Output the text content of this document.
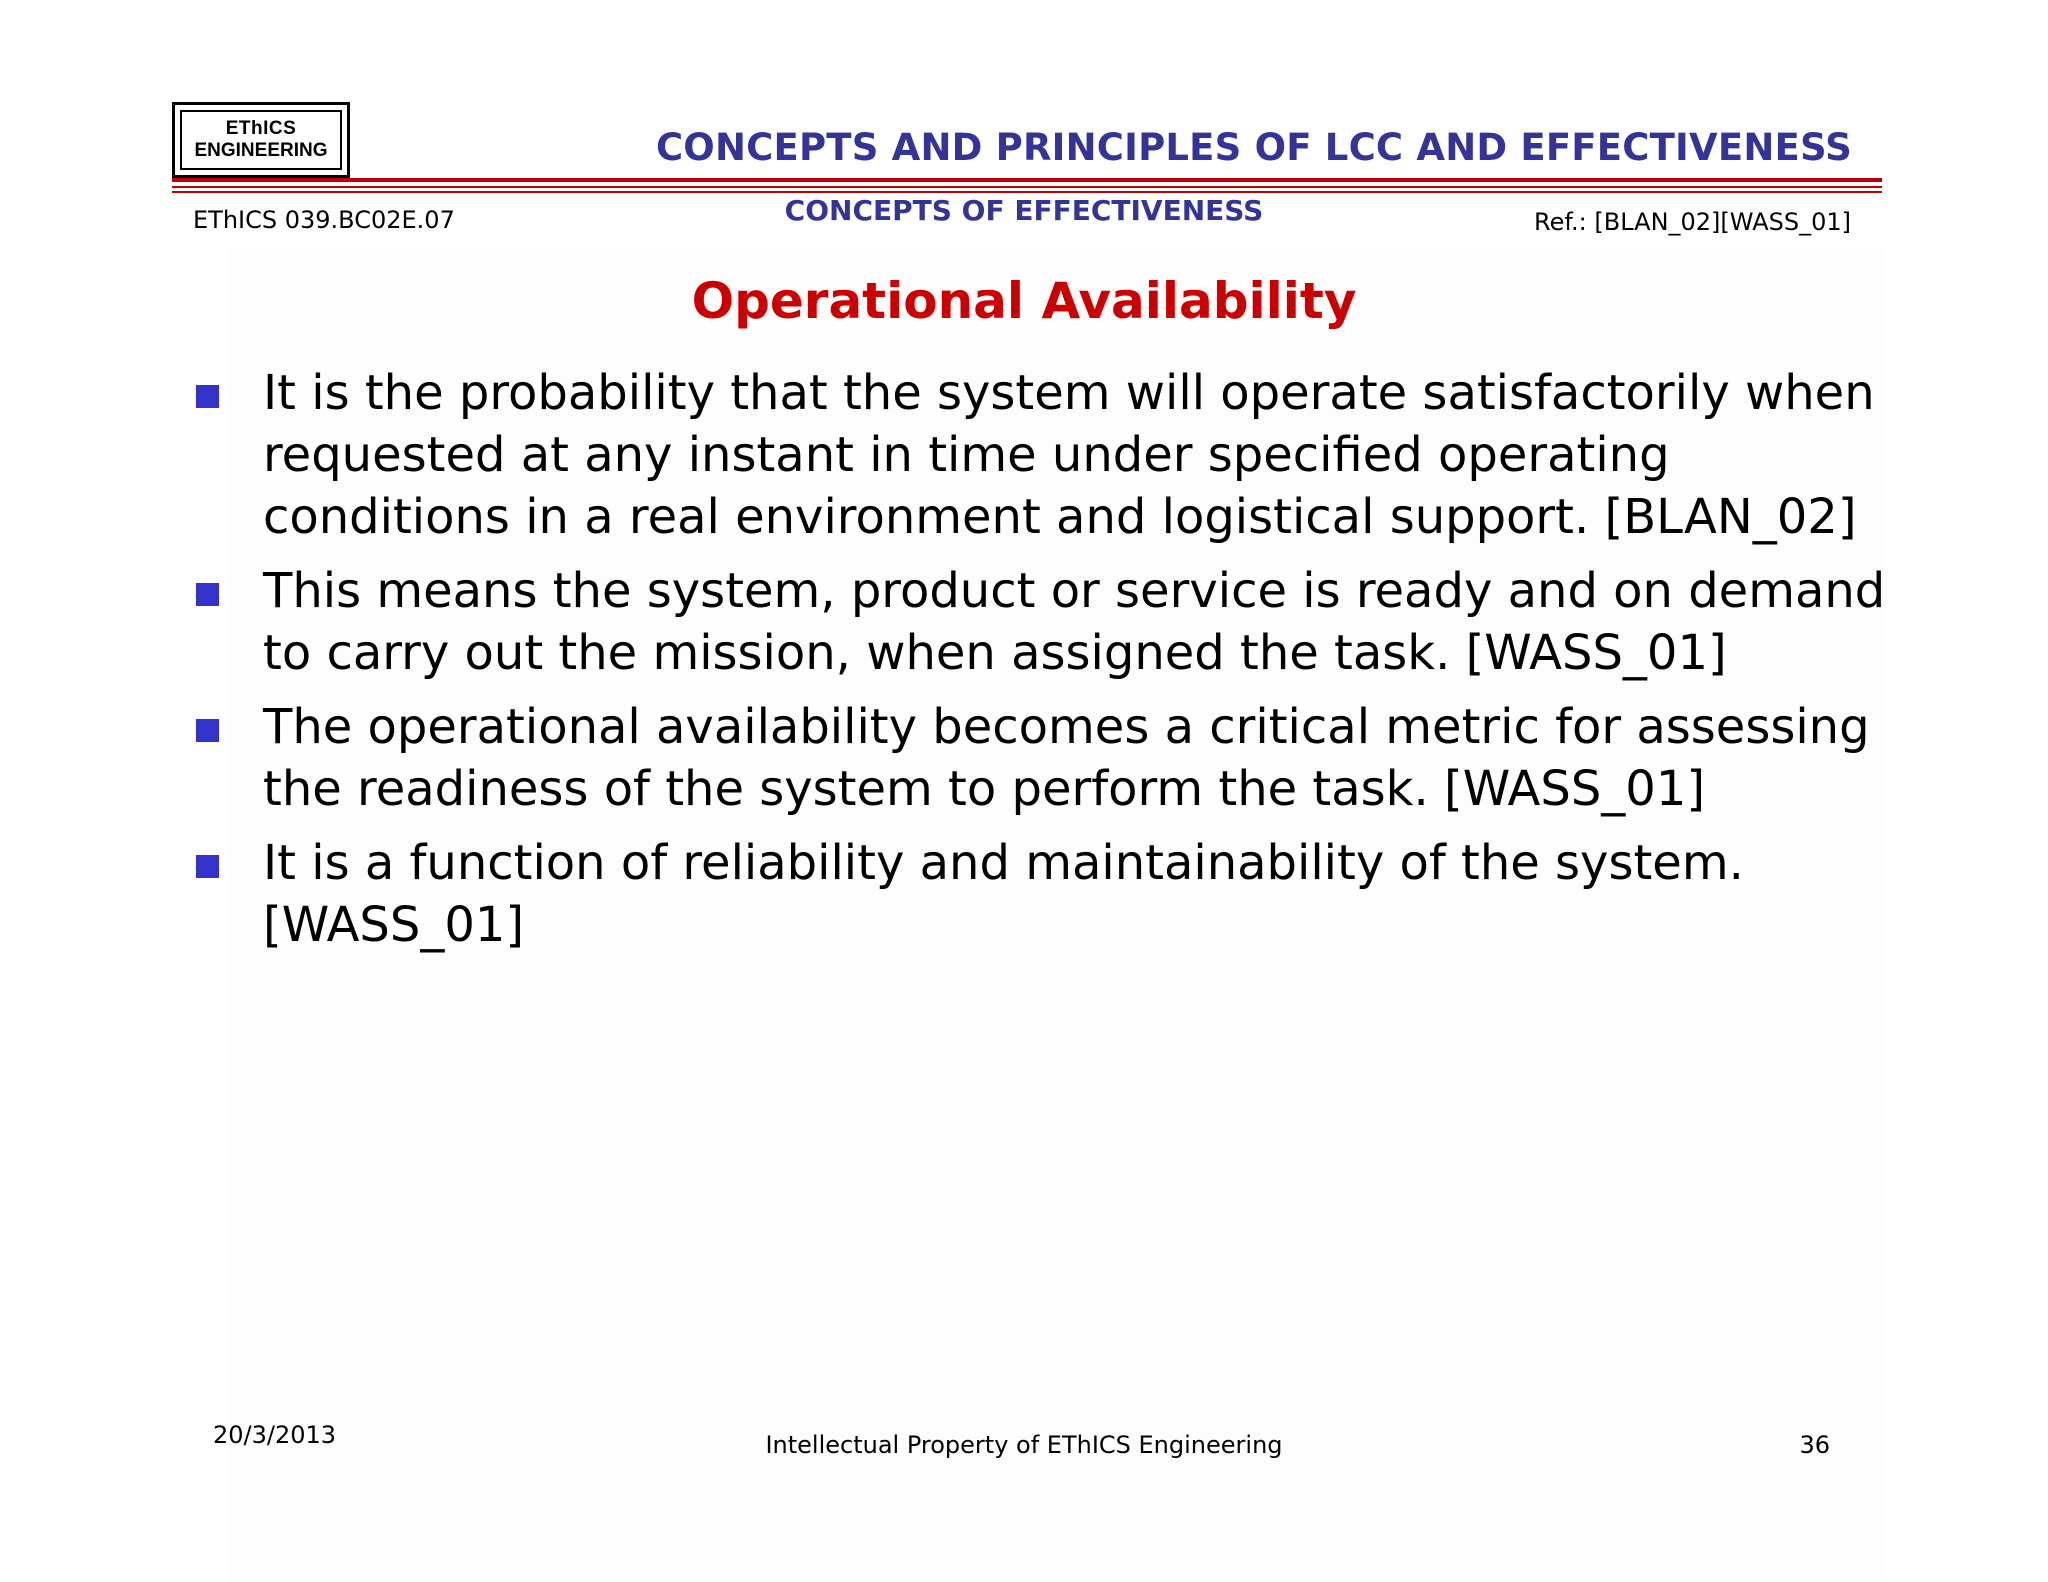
EThICS
ENGINEERING	CONCEPTS AND PRINCIPLES OF LCC AND EFFECTIVENESS
EThICS 039.BC02E.07	CONCEPTS OF EFFECTIVENESS	Ref.: [BLAN_02][WASS_01]
Operational Availability
It is the probability that the system will operate satisfactorily when requested at any instant in time under specified operating conditions in a real environment and logistical support. [BLAN_02]
This means the system, product or service is ready and on demand to carry out the mission, when assigned the task. [WASS_01]
The operational availability becomes a critical metric for assessing the readiness of the system to perform the task. [WASS_01]
It is a function of reliability and maintainability of the system. [WASS_01]
20/3/2013	Intellectual Property of EThICS Engineering	36
